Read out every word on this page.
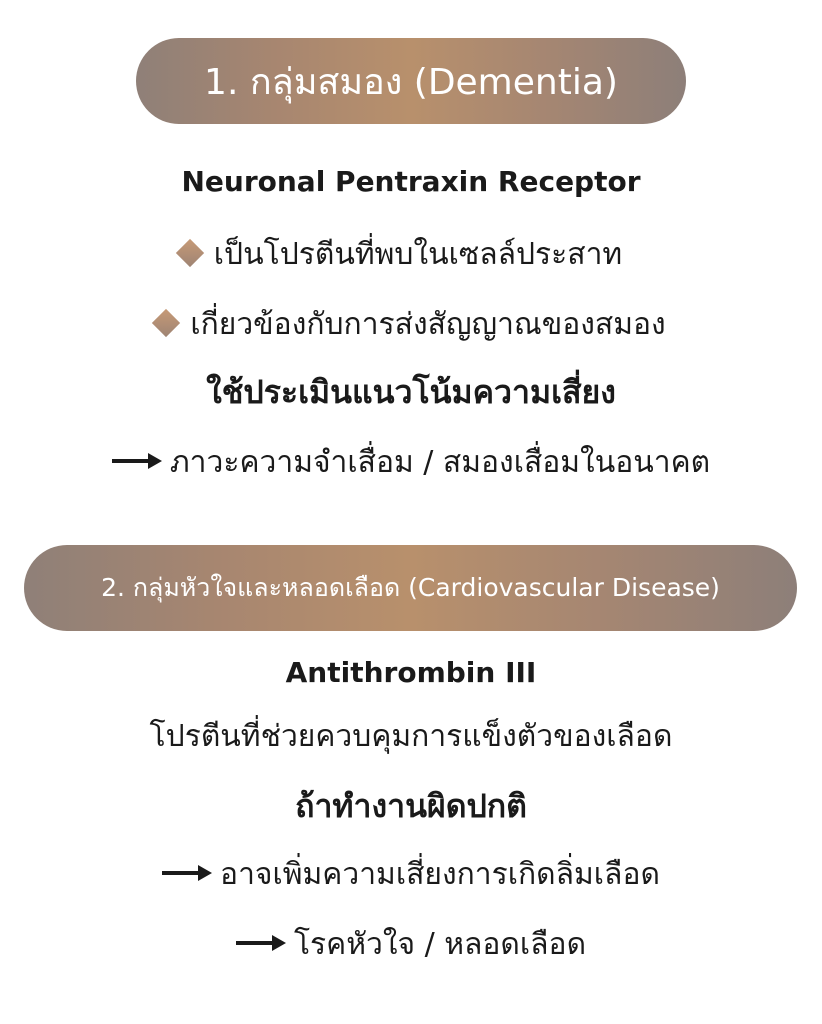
1. กลุ่มสมอง (Dementia)
Neuronal Pentraxin Receptor
เป็นโปรตีนที่พบในเซลล์ประสาท
เกี่ยวข้องกับการส่งสัญญาณของสมอง
ใช้ประเมินแนวโน้มความเสี่ยง
ภาวะความจำเสื่อม / สมองเสื่อมในอนาคต
2. กลุ่มหัวใจและหลอดเลือด (Cardiovascular Disease)
Antithrombin III
โปรตีนที่ช่วยควบคุมการแข็งตัวของเลือด
ถ้าทำงานผิดปกติ
อาจเพิ่มความเสี่ยงการเกิดลิ่มเลือด
โรคหัวใจ / หลอดเลือด
